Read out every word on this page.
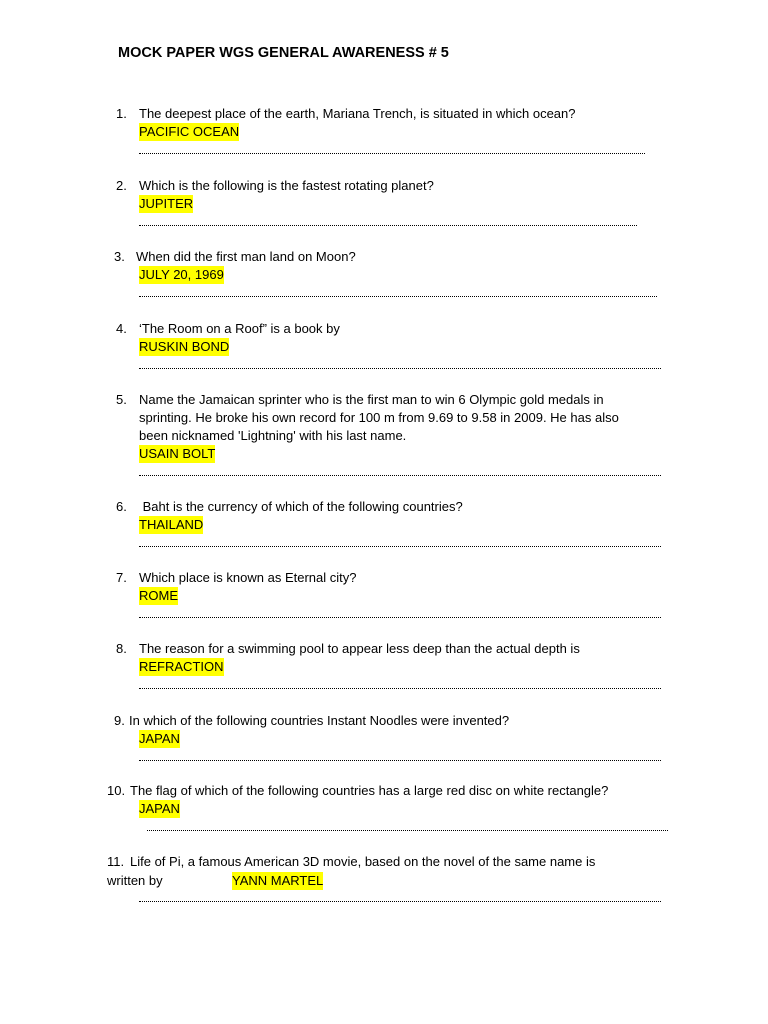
MOCK PAPER WGS GENERAL AWARENESS # 5
1. The deepest place of the earth, Mariana Trench, is situated in which ocean?
PACIFIC OCEAN
2. Which is the following is the fastest rotating planet?
JUPITER
3. When did the first man land on Moon?
JULY 20, 1969
4. ‘The Room on a Roof” is a book by
RUSKIN BOND
5. Name the Jamaican sprinter who is the first man to win 6 Olympic gold medals in
sprinting. He broke his own record for 100 m from 9.69 to 9.58 in 2009. He has also
been nicknamed 'Lightning' with his last name.
USAIN BOLT
6. Baht is the currency of which of the following countries?
THAILAND
7. Which place is known as Eternal city?
ROME
8. The reason for a swimming pool to appear less deep than the actual depth is
REFRACTION
9. In which of the following countries Instant Noodles were invented?
JAPAN
10. The flag of which of the following countries has a large red disc on white rectangle?
JAPAN
11. Life of Pi, a famous American 3D movie, based on the novel of the same name is
written by	YANN MARTEL
